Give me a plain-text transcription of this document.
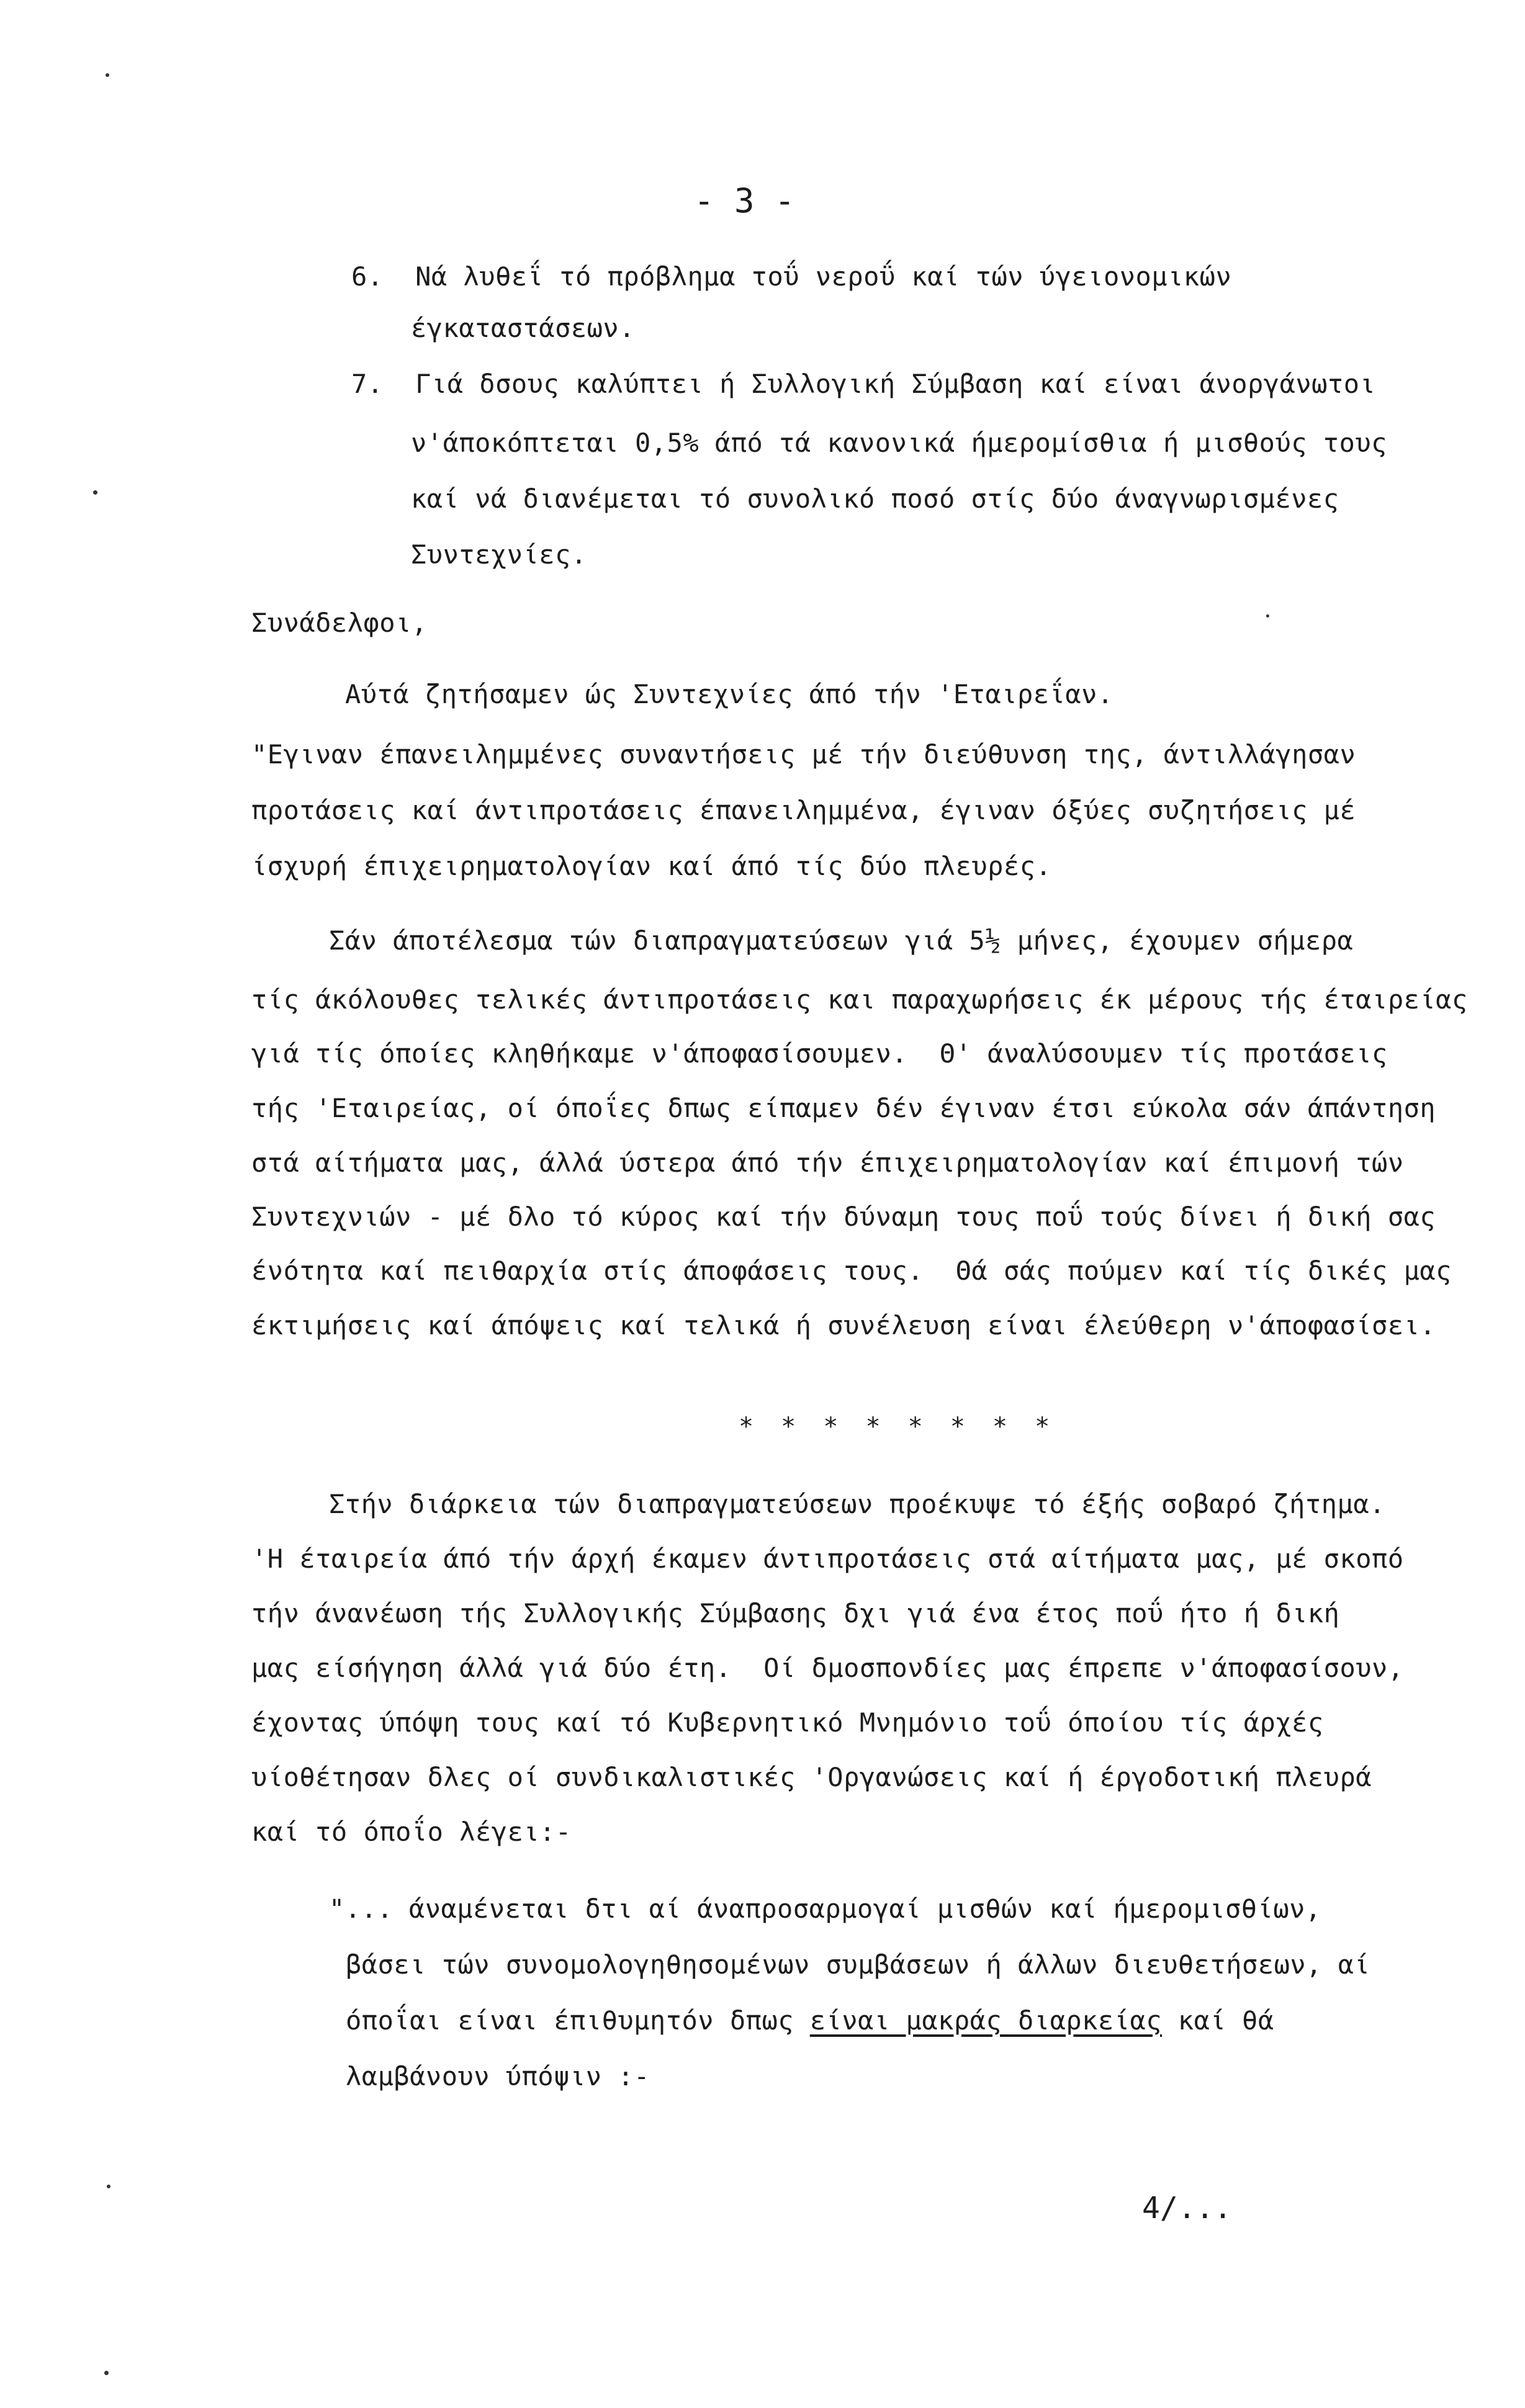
- 3 -
6.  Νά λυθεΐ τό πρόβλημα τοΰ νεροΰ καί τών ύγειονομικών
έγκαταστάσεων.
7.  Γιά δσους καλύπτει ή Συλλογική Σύμβαση καί είναι άνοργάνωτοι
ν'άποκόπτεται 0,5% άπό τά κανονικά ήμερομίσθια ή μισθούς τους
καί νά διανέμεται τό συνολικό ποσό στίς δύο άναγνωρισμένες
Συντεχνίες.
Συνάδελφοι,
Αύτά ζητήσαμεν ώς Συντεχνίες άπό τήν 'Εταιρεΐαν.
"Εγιναν έπανειλημμένες συναντήσεις μέ τήν διεύθυνση της, άντιλλάγησαν
προτάσεις καί άντιπροτάσεις έπανειλημμένα, έγιναν όξύες συζητήσεις μέ
ίσχυρή έπιχειρηματολογίαν καί άπό τίς δύο πλευρές.
Σάν άποτέλεσμα τών διαπραγματεύσεων γιά 5½ μήνες, έχουμεν σήμερα
τίς άκόλουθες τελικές άντιπροτάσεις και παραχωρήσεις έκ μέρους τής έταιρείας
γιά τίς όποίες κληθήκαμε ν'άποφασίσουμεν.  Θ' άναλύσουμεν τίς προτάσεις
τής 'Εταιρείας, οί όποΐες δπως είπαμεν δέν έγιναν έτσι εύκολα σάν άπάντηση
στά αίτήματα μας, άλλά ύστερα άπό τήν έπιχειρηματολογίαν καί έπιμονή τών
Συντεχνιών - μέ δλο τό κύρος καί τήν δύναμη τους ποΰ τούς δίνει ή δική σας
ένότητα καί πειθαρχία στίς άποφάσεις τους.  Θά σάς πούμεν καί τίς δικές μας
έκτιμήσεις καί άπόψεις καί τελικά ή συνέλευση είναι έλεύθερη ν'άποφασίσει.
* * * * * * * *
Στήν διάρκεια τών διαπραγματεύσεων προέκυψε τό έξής σοβαρό ζήτημα.
'Η έταιρεία άπό τήν άρχή έκαμεν άντιπροτάσεις στά αίτήματα μας, μέ σκοπό
τήν άνανέωση τής Συλλογικής Σύμβασης δχι γιά ένα έτος ποΰ ήτο ή δική
μας είσήγηση άλλά γιά δύο έτη.  Οί δμοσπονδίες μας έπρεπε ν'άποφασίσουν,
έχοντας ύπόψη τους καί τό Κυβερνητικό Μνημόνιο τοΰ όποίου τίς άρχές
υίοθέτησαν δλες οί συνδικαλιστικές 'Οργανώσεις καί ή έργοδοτική πλευρά
καί τό όποΐο λέγει:-
"... άναμένεται δτι αί άναπροσαρμογαί μισθών καί ήμερομισθίων,
βάσει τών συνομολογηθησομένων συμβάσεων ή άλλων διευθετήσεων, αί
όποΐαι είναι έπιθυμητόν δπως είναι μακράς διαρκείας καί θά
λαμβάνουν ύπόψιν :-
4/...
